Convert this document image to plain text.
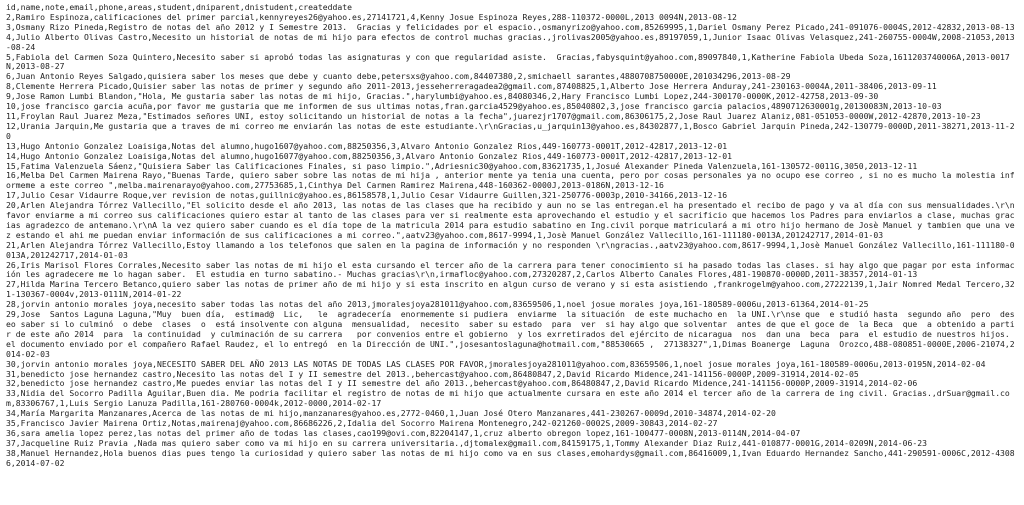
id,name,note,email,phone,areas,student,dniparent,dnistudent,createddate

2,Ramiro Espinoza,calificaciones del primer parcial,kennyreyes26@yahoo.es,27141721,4,Kenny Josue Espinoza Reyes,288-110372-0000L,2013 0094N,2013-08-12

3,Osmany Rizo Pineda,Registro de notas del año 2012 y I Semestre 2013.  Gracias y felicidades por el espacio.,osmanyrizo@yahoo.com,85269995,1,Dariel Osmany Perez Picado,241-091076-0004S,2012-42832,2013-08-13

4,Julio Alberto Olivas Castro,Necesito un historial de notas de mi hijo para efectos de control muchas gracias.,jrolivas2005@yahoo.es,89197059,1,Junior Isaac Olivas Velasquez,241-260755-0004W,2008-21053,2013-08-24

5,Fabiola del Carmen Soza Quintero,Necesito saber si aprobó todas las asignaturas y con que regularidad asiste.  Gracias,fabysquint@yahoo.com,89097840,1,Katherine Fabiola Ubeda Soza,1611203740006A,2013-0017N,2013-08-27

6,Juan Antonio Reyes Salgado,quisiera saber los meses que debe y cuanto debe,petersxs@yahoo.com,84407380,2,smichaell sarantes,4880708750000E,201034296,2013-08-29

8,Clemente Herrera Picado,Quisier saber las notas de primer y segundo año 2011-2013,jesseherreragadea2@gmail.com,87408825,1,Alberto Jose Herrera Anduray,241-230163-0004A,2011-38406,2013-09-11

9,Jose Ramon Lumbi Blandon,"Hola, Me gustaria saber las notas de mi hijo, Gracias.",harylumbi@yahoo.es,84080346,2,Hary Francisco Lumbi Lopez,244-300170-0000K,2012-42758,2013-09-30

10,jose francisco garcia acuña,por favor me gustaria que me informen de sus ultimas notas,fran.garcia4529@yahoo.es,85040802,3,jose francisco garcia palacios,4890712630001g,20130083N,2013-10-03

11,Froylan Raul Juarez Meza,"Estimados señores UNI, estoy solicitando un historial de notas a la fecha",juarezjr1707@gmail.com,86306175,2,Jose Raul Juarez Alaniz,081-051053-0000W,2012-42870,2013-10-23

12,Urania Jarquin,Me gustaria que a traves de mi correo me enviarán las notas de este estudiante.\r\nGracias,u_jarquin13@yahoo.es,84302877,1,Bosco Gabriel Jarquin Pineda,242-130779-0000D,2011-38271,2013-11-20

13,Hugo Antonio Gonzalez Loaisiga,Notas del alumno,hugo1607@yahoo.com,88250356,3,Alvaro Antonio Gonzalez Rios,449-160773-0001T,2012-42817,2013-12-01

14,Hugo Antonio Gonzalez Loaisiga,Notas del alumno,hugo16077@yahoo.com,88250356,3,Alvaro Antonio Gonzalez Rios,449-160773-0001T,2012-42817,2013-12-01

15,Fatima Valenzuela Sáenz,"Quisiera Saber las Calificaciones Finales, si paso limpio.",Adriesnic30@yahoo.com,83621735,1,Josué Alexander Pineda Valenzuela,161-130572-0011G,3050,2013-12-11

16,Melba Del Carmen Mairena Rayo,"Buenas Tarde, quiero saber sobre las notas de mi hija , anterior mente ya tenia una cuenta, pero por cosas personales ya no ocupo ese correo , si no es mucho la molestia informeme a este correo ",melba.mairenarayo@yahoo.com,27753685,1,Cinthya Del Carmen Ramirez Mairena,448-160362-0000J,2013-0186N,2013-12-16

17,Julio Cesar Vidaurre Roque,ver revision de notas,guillnic@yahoo.es,86158578,1,Julio Cesar Vidaurre Guillen,321-250776-0003p,2010-34166,2013-12-16

20,Arlen Alejandra Tórrez Vallecillo,"El solicito desde el año 2013, las notas de las clases que ha recibido y aun no se las entregan.el ha presentado el recibo de pago y va al día con sus mensualidades.\r\nfavor enviarme a mi correo sus calificaciones quiero estar al tanto de las clases para ver si realmente esta aprovechando el estudio y el sacrificio que hacemos los Padres para enviarlos a clase, muchas gracias agradezco de antemano.\r\nA la vez quiero saber cuando es el día tope de la matricula 2014 para estudio sabatino en Ing.civil porque matriculará a mi otro hijo hermano de Josè Manuel y tambien que una vez estando el ahi me puedan enviar información de sus calificaciones a mi correo.",aatv23@yahoo.com,8617-9994,1,Josè Manuel González Vallecillo,161-111180-0013A,201242717,2014-01-03

21,Arlen Alejandra Tórrez Vallecillo,Estoy llamando a los telefonos que salen en la pagina de información y no responden \r\ngracias.,aatv23@yahoo.com,8617-9994,1,Josè Manuel González Vallecillo,161-111180-0013A,201242717,2014-01-03

26,Iris Marisol Flores Corrales,Necesito saber las notas de mi hijo el esta cursando el tercer año de la carrera para tener conocimiento si ha pasado todas las clases. si hay algo que pagar por esta información les agradecere me lo hagan saber.  El estudia en turno sabatino.- Muchas gracias\r\n,irmafloc@yahoo.com,27320287,2,Carlos Alberto Canales Flores,481-190870-0000D,2011-38357,2014-01-13

27,Hilda Marina Tercero Betanco,quiero saber las notas de primer año de mi hijo y si esta inscrito en algun curso de verano y si esta asistiendo ,frankrogelm@yahoo.com,27222139,1,Jair Nomred Medal Tercero,321-130367-0004v,2013-0111N,2014-01-22

28,jorvin antonio morales joya,necesito saber todas las notas del año 2013,jmoralesjoya281011@yahoo.com,83659506,1,noel josue morales joya,161-180589-0006u,2013-61364,2014-01-25

29,Jose  Santos Laguna Laguna,"Muy  buen día,  estimad@  Lic,   le  agradecería  enormemente si pudiera  enviarme  la situación  de este muchacho en  la UNI.\r\nse que  e studió hasta  segundo año  pero  deseo saber si lo culminó  o debe  clases  o  está insolvente con alguna  mensualidad,  necesito  saber su estado  para  ver  si hay algo que solventar  antes de que el goce de  la Beca  que  a obtenido a partir de este año 2014  para  la continuidad  y culminación de su carrera   por convenios entre el gobierno  y los exrretirados del ejército de nicaragua  nos  dan una  beca  para  el estudio de nuestros hijos. el documento enviado por el compañero Rafael Raudez, el lo entregó  en la Dirección de UNI.",josesantoslaguna@hotmail.com,"88530665 ,  27138327",1,Dimas Boanerge  Laguna  Orozco,488-080851-0000E,2006-21074,2014-02-03

30,jorvin antonio morales joya,NECESITO SABER DEL AÑO 2013 LAS NOTAS DE TODAS LAS CLASES POR FAVOR,jmoralesjoya281011@yahoo.com,83659506,1,noel josue morales joya,161-180589-0006u,2013-0195N,2014-02-04

31,benedicto jose hernandez castro,Necesito las notas del I y II semestre del 2013.,behercast@yahoo.com,86480847,2,David Ricardo Midence,241-141156-0000P,2009-31914,2014-02-05

32,benedicto jose hernandez castro,Me puedes enviar las notas del I y II semestre del año 2013.,behercast@yahoo.com,86480847,2,David Ricardo Midence,241-141156-0000P,2009-31914,2014-02-06

33,Nidia del Socorro Padilla Aguilar,Buen dia. Me podria facilitar el registro de notas de mi hijo que actualmente cursara en este año 2014 el tercer año de la carrera de ing civil. Gracias.,drSuar@gmail.com,83306767,1,Luis Sergio Lanuza Padilla,161-280760-0004k,2012-0000,2014-02-17

34,María Margarita Manzanares,Acerca de las notas de mi hijo,manzanares@yahoo.es,2772-0460,1,Juan José Otero Manzanares,441-230267-0009d,2010-34874,2014-02-20

35,Francisco Javier Mairena Ortiz,Notas,mairenaj@yahoo.com,86686226,2,Idalia del Socorro Mairena Montenegro,242-021260-0002S,2009-30843,2014-02-27

36,sara amelia lopez perez,las notas del primer año de todas las clases,cao199@ovi.com,82204147,1,cruz alberto obregon lopez,161-100477-0008N,2013-0114N,2014-04-07

37,Jacqueline Ruiz Pravia ,Nada mas quiero saber como va mi hijo en su carrera universitaria.,djtomalex@gmail.com,84159175,1,Tommy Alexander Diaz Ruiz,441-010877-0001G,2014-0209N,2014-06-23

38,Manuel Hernandez,Hola buenos dias pues tengo la curiosidad y quiero saber las notas de mi hijo como va en sus clases,emohardys@gmail.com,86416009,1,Ivan Eduardo Hernandez Sancho,441-290591-0006C,2012-43086,2014-07-02
